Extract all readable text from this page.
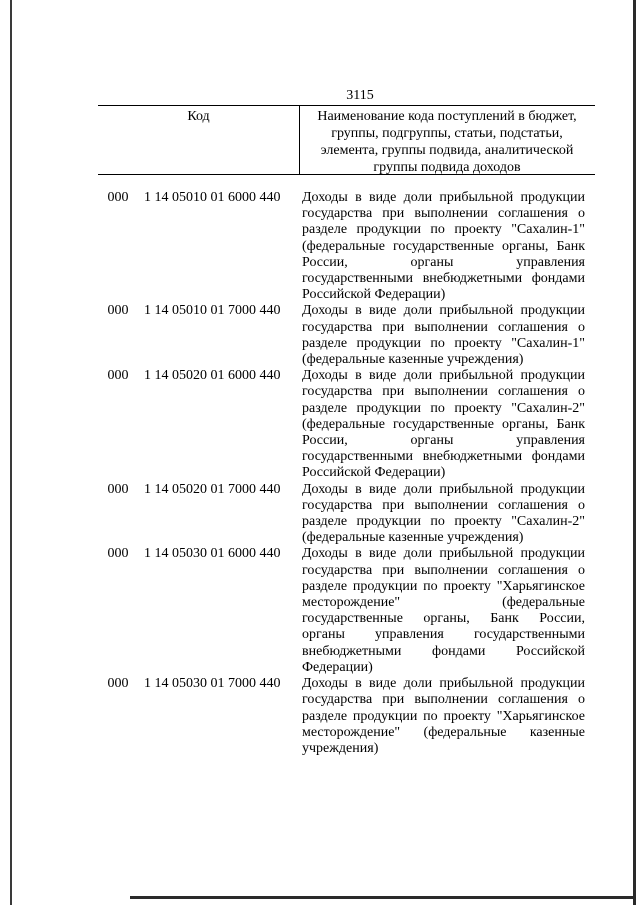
3115
Код	Наименование кода поступлений в бюджет, группы, подгруппы, статьи, подстатьи, элемента, группы подвида, аналитической группы подвида доходов
000	1 14 05010 01 6000 440	Доходы в виде доли прибыльной продукции
государства при выполнении соглашения о
разделе продукции по проекту "Сахалин-1"
(федеральные государственные органы, Банк
России, органы управления
государственными внебюджетными фондами
Российской Федерации)
000	1 14 05010 01 7000 440	Доходы в виде доли прибыльной продукции
государства при выполнении соглашения о
разделе продукции по проекту "Сахалин-1"
(федеральные казенные учреждения)
000	1 14 05020 01 6000 440	Доходы в виде доли прибыльной продукции
государства при выполнении соглашения о
разделе продукции по проекту "Сахалин-2"
(федеральные государственные органы, Банк
России, органы управления
государственными внебюджетными фондами
Российской Федерации)
000	1 14 05020 01 7000 440	Доходы в виде доли прибыльной продукции
государства при выполнении соглашения о
разделе продукции по проекту "Сахалин-2"
(федеральные казенные учреждения)
000	1 14 05030 01 6000 440	Доходы в виде доли прибыльной продукции
государства при выполнении соглашения о
разделе продукции по проекту "Харьягинское
месторождение" (федеральные
государственные органы, Банк России,
органы управления государственными
внебюджетными фондами Российской
Федерации)
000	1 14 05030 01 7000 440	Доходы в виде доли прибыльной продукции
государства при выполнении соглашения о
разделе продукции по проекту "Харьягинское
месторождение" (федеральные казенные
учреждения)
